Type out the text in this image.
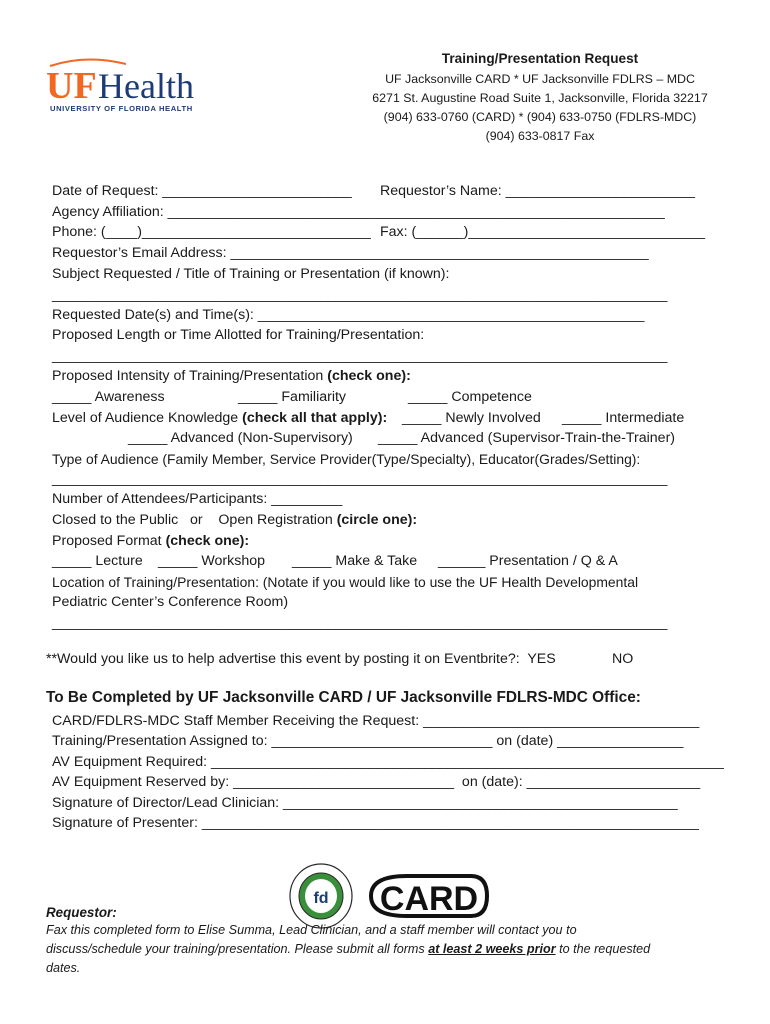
UF Health
UNIVERSITY OF FLORIDA HEALTH
Training/Presentation Request
UF Jacksonville CARD * UF Jacksonville FDLRS – MDC
6271 St. Augustine Road Suite 1, Jacksonville, Florida 32217
(904) 633-0760 (CARD) * (904) 633-0750 (FDLRS-MDC)
(904) 633-0817 Fax
Date of Request: ________________________ Requestor’s Name: ________________________
Agency Affiliation: _______________________________________________________________
Phone: (____)_____________________________ Fax: (______)______________________________
Requestor’s Email Address: _____________________________________________________
Subject Requested / Title of Training or Presentation (if known):
______________________________________________________________________________
Requested Date(s) and Time(s): _________________________________________________
Proposed Length or Time Allotted for Training/Presentation:
______________________________________________________________________________
Proposed Intensity of Training/Presentation (check one):
_____ Awareness	_____ Familiarity	_____ Competence
Level of Audience Knowledge (check all that apply): _____ Newly Involved _____ Intermediate
_____ Advanced (Non-Supervisory) _____ Advanced (Supervisor-Train-the-Trainer)
Type of Audience (Family Member, Service Provider(Type/Specialty), Educator(Grades/Setting):
______________________________________________________________________________
Number of Attendees/Participants: _________
Closed to the Public   or    Open Registration (circle one):
Proposed Format (check one):
_____ Lecture _____ Workshop _____ Make & Take ______ Presentation / Q & A
Location of Training/Presentation: (Notate if you would like to use the UF Health Developmental
Pediatric Center’s Conference Room)
______________________________________________________________________________
**Would you like us to help advertise this event by posting it on Eventbrite?:  YES	NO
To Be Completed by UF Jacksonville CARD / UF Jacksonville FDLRS-MDC Office:
CARD/FDLRS-MDC Staff Member Receiving the Request: ___________________________________
Training/Presentation Assigned to: ____________________________ on (date) ________________
AV Equipment Required: _________________________________________________________________
AV Equipment Reserved by: ____________________________  on (date): ______________________
Signature of Director/Lead Clinician: __________________________________________________
Signature of Presenter: _______________________________________________________________

fd

CARD

Requestor:
Fax this completed form to Elise Summa, Lead Clinician, and a staff member will contact you to
discuss/schedule your training/presentation. Please submit all forms at least 2 weeks prior to the requested
dates.
